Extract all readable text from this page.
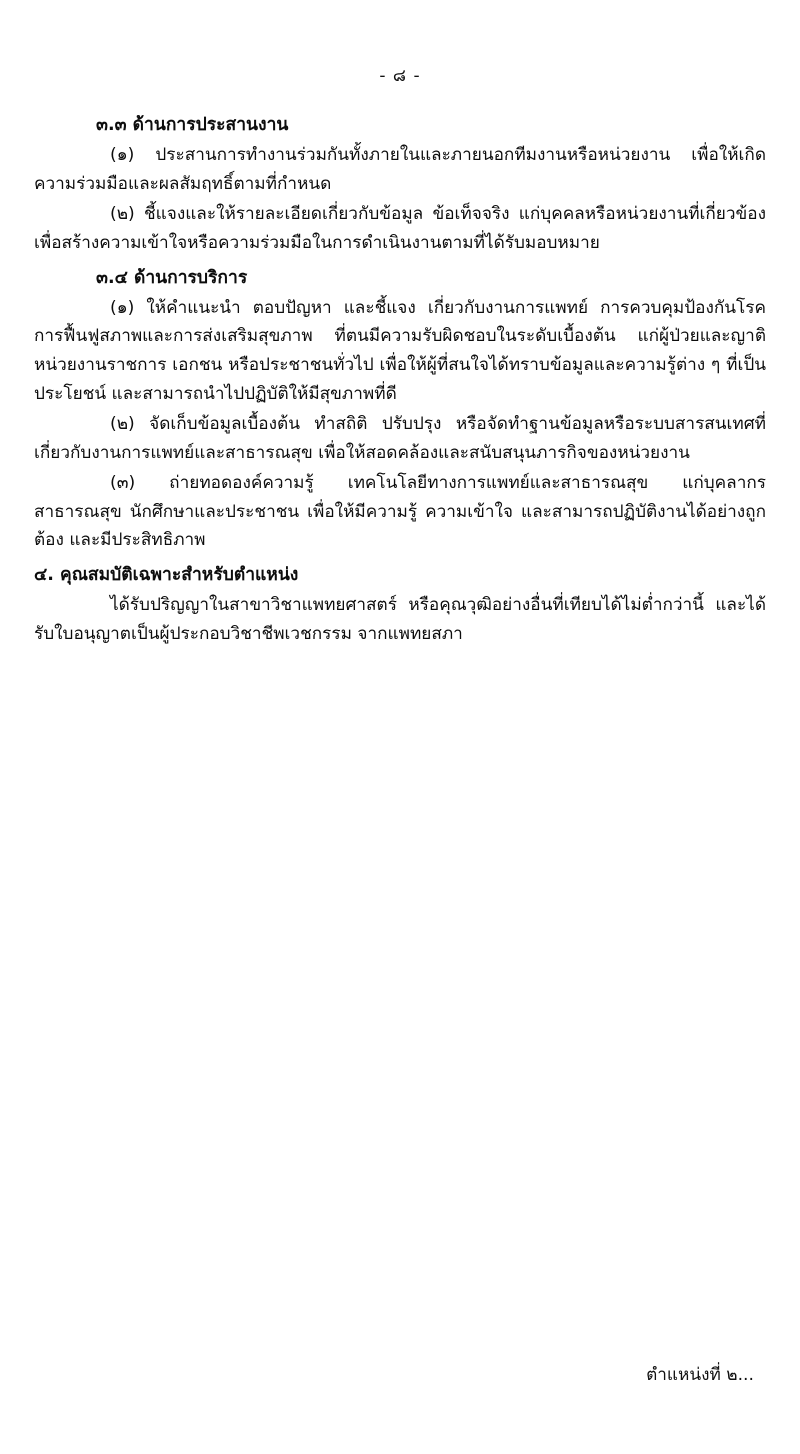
- ๘ -
๓.๓ ด้านการประสานงาน

(๑) ประสานการทำงานร่วมกันทั้งภายในและภายนอกทีมงานหรือหน่วยงาน เพื่อให้เกิดความร่วมมือและผลสัมฤทธิ์ตามที่กำหนด

(๒) ชี้แจงและให้รายละเอียดเกี่ยวกับข้อมูล ข้อเท็จจริง แก่บุคคลหรือหน่วยงานที่เกี่ยวข้องเพื่อสร้างความเข้าใจหรือความร่วมมือในการดำเนินงานตามที่ได้รับมอบหมาย

๓.๔ ด้านการบริการ

(๑) ให้คำแนะนำ ตอบปัญหา และชี้แจง เกี่ยวกับงานการแพทย์ การควบคุมป้องกันโรค การฟื้นฟูสภาพและการส่งเสริมสุขภาพ ที่ตนมีความรับผิดชอบในระดับเบื้องต้น แก่ผู้ป่วยและญาติ หน่วยงานราชการ เอกชน หรือประชาชนทั่วไป เพื่อให้ผู้ที่สนใจได้ทราบข้อมูลและความรู้ต่าง ๆ ที่เป็นประโยชน์ และสามารถนำไปปฏิบัติให้มีสุขภาพที่ดี

(๒) จัดเก็บข้อมูลเบื้องต้น ทำสถิติ ปรับปรุง หรือจัดทำฐานข้อมูลหรือระบบสารสนเทศที่เกี่ยวกับงานการแพทย์และสาธารณสุข เพื่อให้สอดคล้องและสนับสนุนภารกิจของหน่วยงาน

(๓) ถ่ายทอดองค์ความรู้ เทคโนโลยีทางการแพทย์และสาธารณสุข แก่บุคลากรสาธารณสุข นักศึกษาและประชาชน เพื่อให้มีความรู้ ความเข้าใจ และสามารถปฏิบัติงานได้อย่างถูกต้อง และมีประสิทธิภาพ

๔. คุณสมบัติเฉพาะสำหรับตำแหน่ง

ได้รับปริญญาในสาขาวิชาแพทยศาสตร์ หรือคุณวุฒิอย่างอื่นที่เทียบได้ไม่ต่ำกว่านี้ และได้รับใบอนุญาตเป็นผู้ประกอบวิชาชีพเวชกรรม จากแพทยสภา

ตำแหน่งที่ ๒...
